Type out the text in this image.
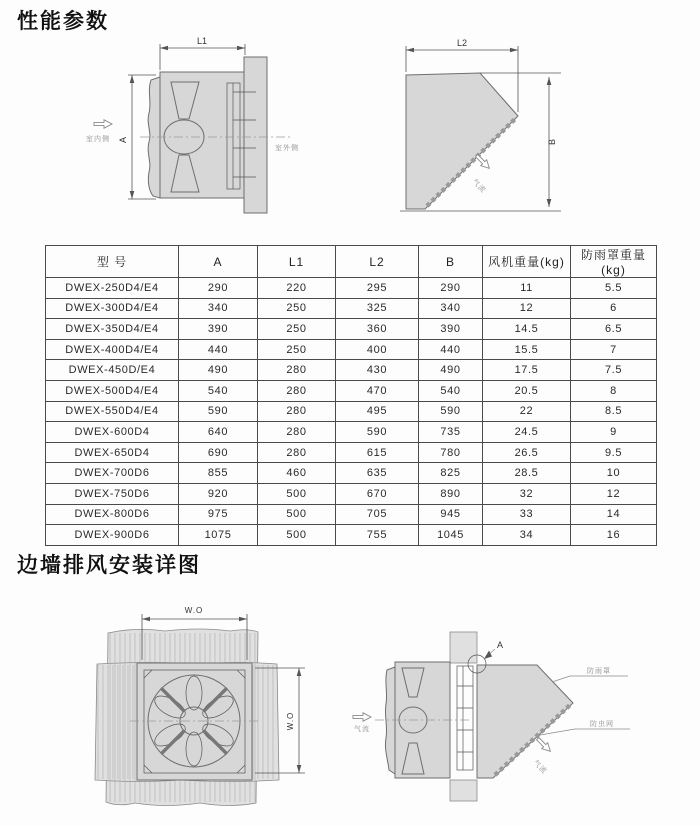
性能参数
L1
A
室内侧
室外侧
L2
B
气流
型 号	A	L1	L2	B	风机重量(kg)	防雨罩重量(kg)
DWEX-250D4/E4	290	220	295	290	11	5.5
DWEX-300D4/E4	340	250	325	340	12	6
DWEX-350D4/E4	390	250	360	390	14.5	6.5
DWEX-400D4/E4	440	250	400	440	15.5	7
DWEX-450D/E4	490	280	430	490	17.5	7.5
DWEX-500D4/E4	540	280	470	540	20.5	8
DWEX-550D4/E4	590	280	495	590	22	8.5
DWEX-600D4	640	280	590	735	24.5	9
DWEX-650D4	690	280	615	780	26.5	9.5
DWEX-700D6	855	460	635	825	28.5	10
DWEX-750D6	920	500	670	890	32	12
DWEX-800D6	975	500	705	945	33	14
DWEX-900D6	1075	500	755	1045	34	16
边墙排风安装详图
W.O
W.O
A
防雨罩
防虫网
气流
气流
